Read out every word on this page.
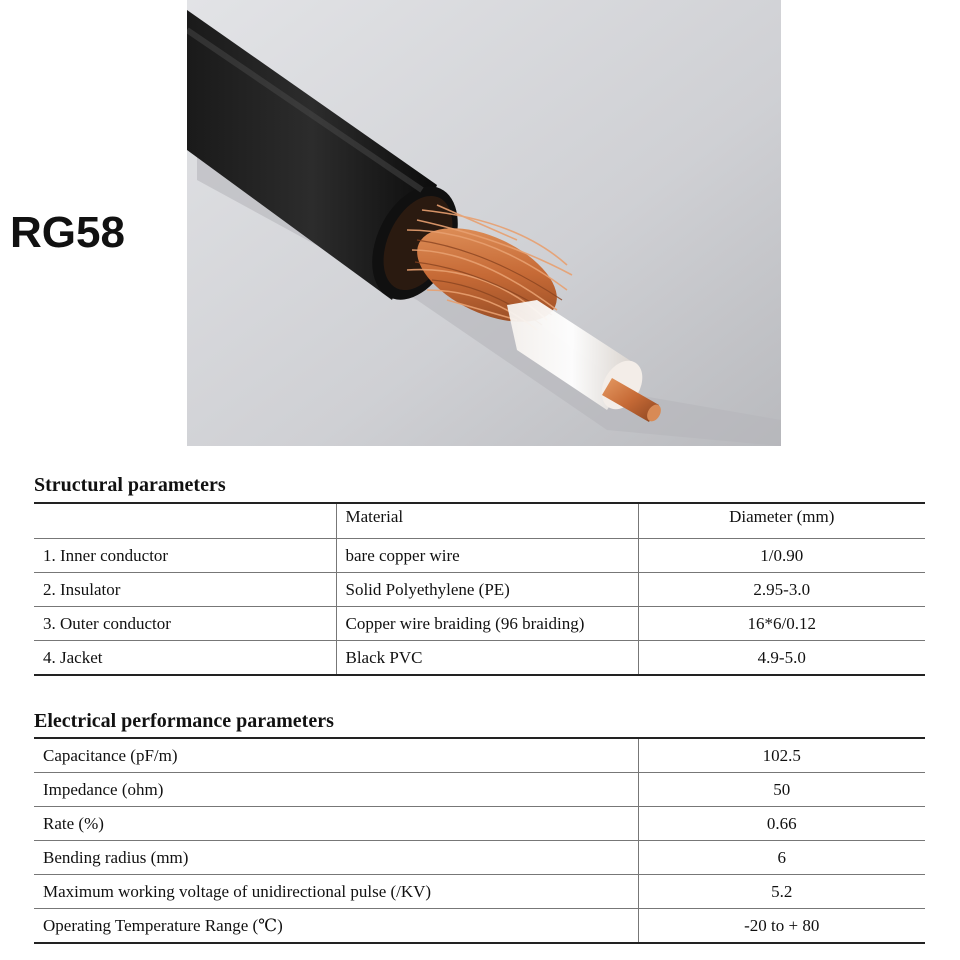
RG58
Structural parameters
	Material	Diameter (mm)
1. Inner conductor	bare copper wire	1/0.90
2. Insulator	Solid Polyethylene (PE)	2.95-3.0
3. Outer conductor	Copper wire braiding (96 braiding)	16*6/0.12
4. Jacket	Black PVC	4.9-5.0
Electrical performance parameters
Capacitance (pF/m)	102.5
Impedance (ohm)	50
Rate (%)	0.66
Bending radius (mm)	6
Maximum working voltage of unidirectional pulse (/KV)	5.2
Operating Temperature Range (℃)	-20 to + 80
